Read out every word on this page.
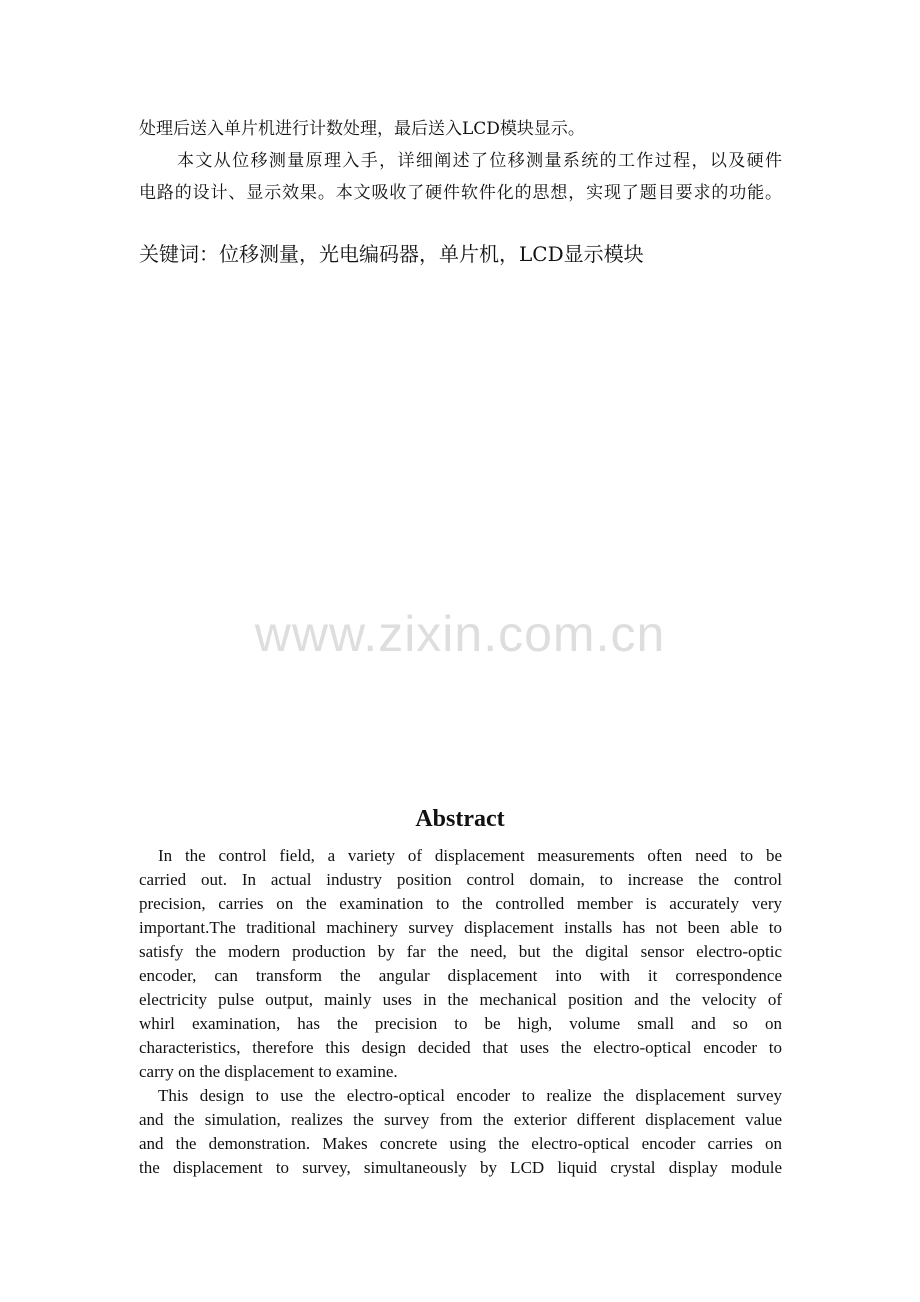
处理后送入单片机进行计数处理，最后送入LCD模块显示。
本文从位移测量原理入手，详细阐述了位移测量系统的工作过程，以及硬件
电路的设计、显示效果。本文吸收了硬件软件化的思想，实现了题目要求的功能。
关键词：位移测量，光电编码器，单片机，LCD显示模块
www.zixin.com.cn
Abstract
In the control field, a variety of displacement measurements often need to be
carried out. In actual industry position control domain, to increase the control
precision, carries on the examination to the controlled member is accurately very
important.The traditional machinery survey displacement installs has not been able to
satisfy the modern production by far the need, but the digital sensor electro-optic
encoder, can transform the angular displacement into with it correspondence
electricity pulse output, mainly uses in the mechanical position and the velocity of
whirl examination, has the precision to be high, volume small and so on
characteristics, therefore this design decided that uses the electro-optical encoder to
carry on the displacement to examine.
This design to use the electro-optical encoder to realize the displacement survey
and the simulation, realizes the survey from the exterior different displacement value
and the demonstration. Makes concrete using the electro-optical encoder carries on
the displacement to survey, simultaneously by LCD liquid crystal display module
